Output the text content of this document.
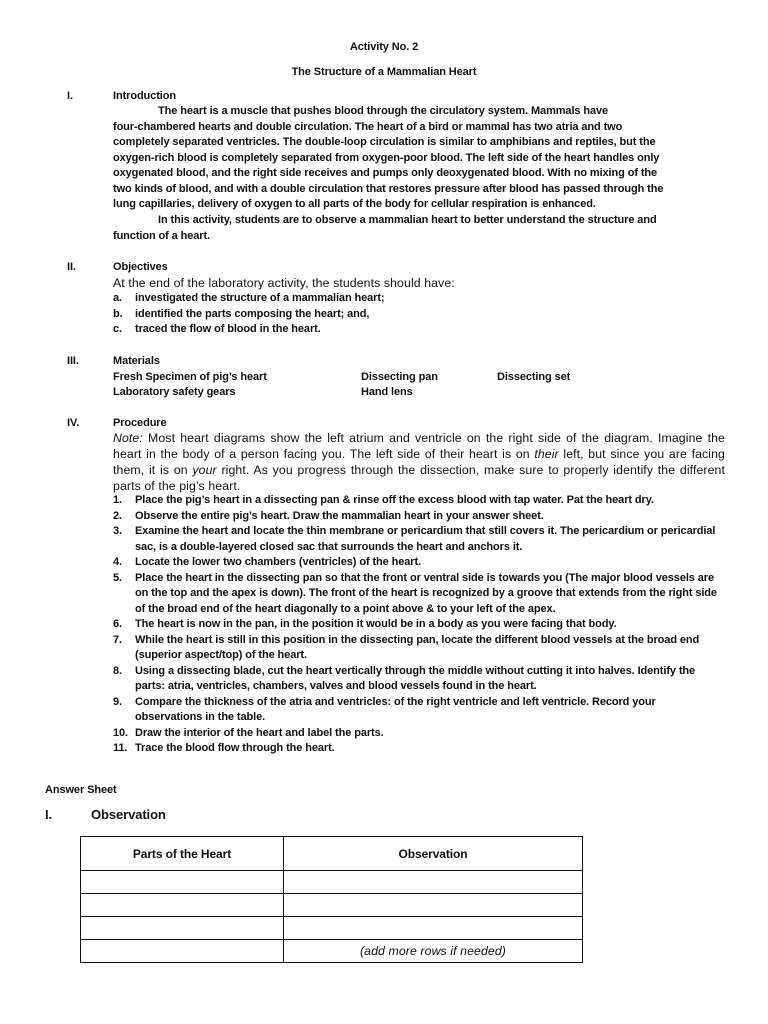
Activity No. 2
The Structure of a Mammalian Heart
I.	Introduction
The heart is a muscle that pushes blood through the circulatory system. Mammals have
four-chambered hearts and double circulation. The heart of a bird or mammal has two atria and two
completely separated ventricles. The double-loop circulation is similar to amphibians and reptiles, but the
oxygen-rich blood is completely separated from oxygen-poor blood. The left side of the heart handles only
oxygenated blood, and the right side receives and pumps only deoxygenated blood. With no mixing of the
two kinds of blood, and with a double circulation that restores pressure after blood has passed through the
lung capillaries, delivery of oxygen to all parts of the body for cellular respiration is enhanced.
In this activity, students are to observe a mammalian heart to better understand the structure and
function of a heart.
II.	Objectives
At the end of the laboratory activity, the students should have:
a. investigated the structure of a mammalian heart;
b. identified the parts composing the heart; and,
c. traced the flow of blood in the heart.
III.	Materials
Fresh Specimen of pig’s heart	Dissecting pan	Dissecting set
Laboratory safety gears	Hand lens
IV.	Procedure
Note: Most heart diagrams show the left atrium and ventricle on the right side of the diagram. Imagine the heart in the body of a person facing you. The left side of their heart is on their left, but since you are facing them, it is on your right. As you progress through the dissection, make sure to properly identify the different parts of the pig’s heart.
1. Place the pig’s heart in a dissecting pan & rinse off the excess blood with tap water. Pat the heart dry.
2. Observe the entire pig’s heart. Draw the mammalian heart in your answer sheet.
3. Examine the heart and locate the thin membrane or pericardium that still covers it. The pericardium or pericardial sac, is a double-layered closed sac that surrounds the heart and anchors it.
4. Locate the lower two chambers (ventricles) of the heart.
5. Place the heart in the dissecting pan so that the front or ventral side is towards you (The major blood vessels are on the top and the apex is down). The front of the heart is recognized by a groove that extends from the right side of the broad end of the heart diagonally to a point above & to your left of the apex.
6. The heart is now in the pan, in the position it would be in a body as you were facing that body.
7. While the heart is still in this position in the dissecting pan, locate the different blood vessels at the broad end (superior aspect/top) of the heart.
8. Using a dissecting blade, cut the heart vertically through the middle without cutting it into halves. Identify the parts: atria, ventricles, chambers, valves and blood vessels found in the heart.
9. Compare the thickness of the atria and ventricles: of the right ventricle and left ventricle. Record your observations in the table.
10. Draw the interior of the heart and label the parts.
11. Trace the blood flow through the heart.
Answer Sheet
I.	Observation
Parts of the Heart	Observation

	(add more rows if needed)
